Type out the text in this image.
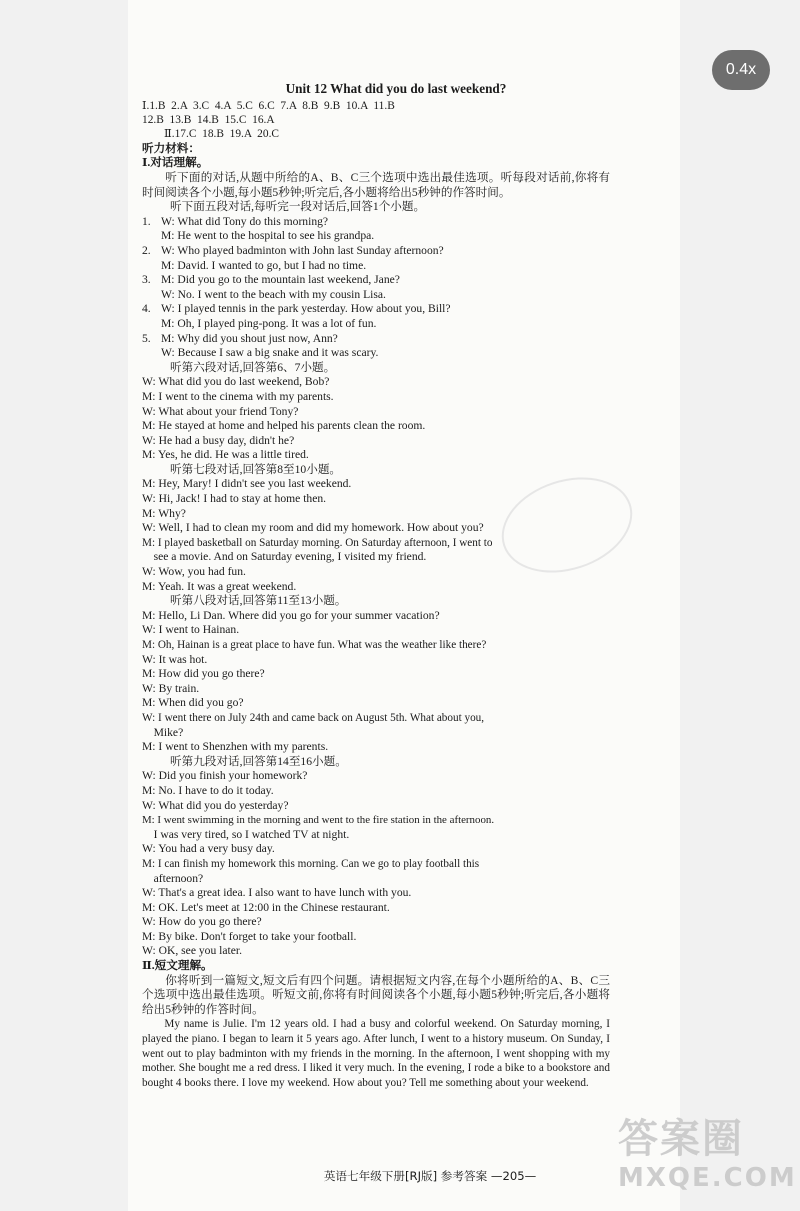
0.4x
Unit 12 What did you do last weekend?
Ⅰ.1.B  2.A  3.C  4.A  5.C  6.C  7.A  8.B  9.B  10.A  11.B
12.B  13.B  14.B  15.C  16.A
Ⅱ.17.C  18.B  19.A  20.C
听力材料：
Ⅰ.对话理解。
听下面的对话,从题中所给的A、B、C三个选项中选出最佳选项。听每段对话前,你将有时间阅读各个小题,每小题5秒钟;听完后,各小题将给出5秒钟的作答时间。
听下面五段对话,每听完一段对话后,回答1个小题。
1. W: What did Tony do this morning?
M: He went to the hospital to see his grandpa.
2. W: Who played badminton with John last Sunday afternoon?
M: David. I wanted to go, but I had no time.
3. M: Did you go to the mountain last weekend, Jane?
W: No. I went to the beach with my cousin Lisa.
4. W: I played tennis in the park yesterday. How about you, Bill?
M: Oh, I played ping-pong. It was a lot of fun.
5. M: Why did you shout just now, Ann?
W: Because I saw a big snake and it was scary.
听第六段对话,回答第6、7小题。
W: What did you do last weekend, Bob?
M: I went to the cinema with my parents.
W: What about your friend Tony?
M: He stayed at home and helped his parents clean the room.
W: He had a busy day, didn't he?
M: Yes, he did. He was a little tired.
听第七段对话,回答第8至10小题。
M: Hey, Mary! I didn't see you last weekend.
W: Hi, Jack! I had to stay at home then.
M: Why?
W: Well, I had to clean my room and did my homework. How about you?
M: I played basketball on Saturday morning. On Saturday afternoon, I went to
see a movie. And on Saturday evening, I visited my friend.
W: Wow, you had fun.
M: Yeah. It was a great weekend.
听第八段对话,回答第11至13小题。
M: Hello, Li Dan. Where did you go for your summer vacation?
W: I went to Hainan.
M: Oh, Hainan is a great place to have fun. What was the weather like there?
W: It was hot.
M: How did you go there?
W: By train.
M: When did you go?
W: I went there on July 24th and came back on August 5th. What about you,
Mike?
M: I went to Shenzhen with my parents.
听第九段对话,回答第14至16小题。
W: Did you finish your homework?
M: No. I have to do it today.
W: What did you do yesterday?
M: I went swimming in the morning and went to the fire station in the afternoon.
I was very tired, so I watched TV at night.
W: You had a very busy day.
M: I can finish my homework this morning. Can we go to play football this
afternoon?
W: That's a great idea. I also want to have lunch with you.
M: OK. Let's meet at 12:00 in the Chinese restaurant.
W: How do you go there?
M: By bike. Don't forget to take your football.
W: OK, see you later.
Ⅱ.短文理解。
你将听到一篇短文,短文后有四个问题。请根据短文内容,在每个小题所给的A、B、C三个选项中选出最佳选项。听短文前,你将有时间阅读各个小题,每小题5秒钟;听完后,各小题将给出5秒钟的作答时间。
My name is Julie. I'm 12 years old. I had a busy and colorful weekend. On Saturday morning, I played the piano. I began to learn it 5 years ago. After lunch, I went to a history museum. On Sunday, I went out to play badminton with my friends in the morning. In the afternoon, I went shopping with my mother. She bought me a red dress. I liked it very much. In the evening, I rode a bike to a bookstore and bought 4 books there. I love my weekend. How about you? Tell me something about your weekend.
英语七年级下册[RJ版] 参考答案 —205—
答案圈
MXQE.COM
